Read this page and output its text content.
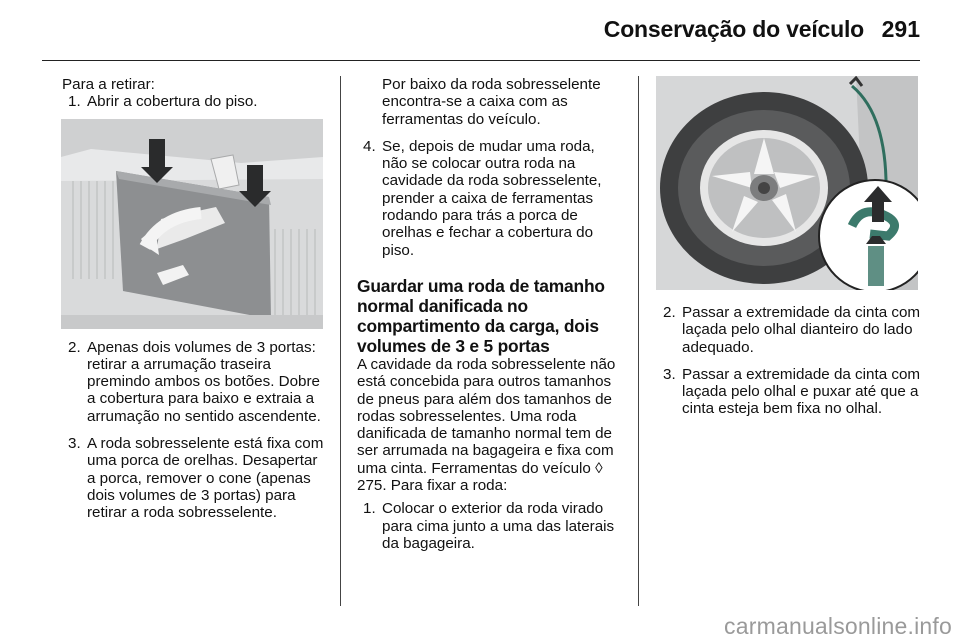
Conservação do veículo 291

Para a retirar:

1. Abrir a cobertura do piso.
2. Apenas dois volumes de 3 portas: retirar a arrumação traseira premindo ambos os botões. Dobre a cobertura para baixo e extraia a arrumação no sentido ascendente.
3. A roda sobresselente está fixa com uma porca de orelhas. Desapertar a porca, remover o cone (apenas dois volumes de 3 portas) para retirar a roda sobresselente.

Por baixo da roda sobresselente encontra-se a caixa com as ferramentas do veículo.

4. Se, depois de mudar uma roda, não se colocar outra roda na cavidade da roda sobresselente, prender a caixa de ferramentas rodando para trás a porca de orelhas e fechar a cobertura do piso.
Guardar uma roda de tamanho normal danificada no compartimento da carga, dois volumes de 3 e 5 portas

A cavidade da roda sobresselente não está concebida para outros tamanhos de pneus para além dos tamanhos de rodas sobresselentes. Uma roda danificada de tamanho normal tem de ser arrumada na bagageira e fixa com uma cinta. Ferramentas do veículo ◊ 275. Para fixar a roda:

1. Colocar o exterior da roda virado para cima junto a uma das laterais da bagageira.
2. Passar a extremidade da cinta com laçada pelo olhal dianteiro do lado adequado.
3. Passar a extremidade da cinta com laçada pelo olhal e puxar até que a cinta esteja bem fixa no olhal.
carmanualsonline.info
